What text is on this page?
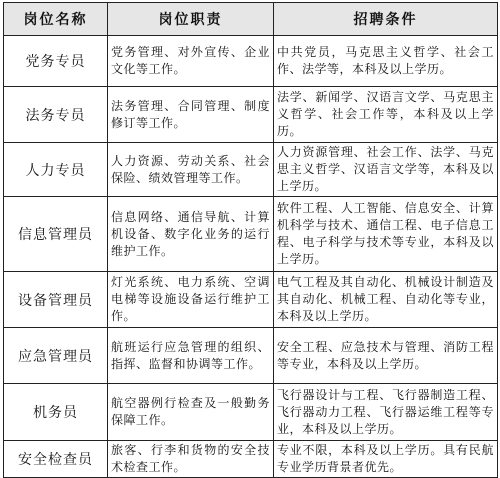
岗位名称	岗位职责	招聘条件
党务专员	党务管理、对外宣传、企业文化等工作。	中共党员，马克思主义哲学、社会工作、法学等，本科及以上学历。
法务专员	法务管理、合同管理、制度修订等工作。	法学、新闻学、汉语言文学、马克思主义哲学、社会工作等，本科及以上学历。
人力专员	人力资源、劳动关系、社会保险、绩效管理等工作。	人力资源管理、社会工作、法学、马克思主义哲学、汉语言文学等，本科及以上学历。
信息管理员	信息网络、通信导航、计算机设备、数字化业务的运行维护工作。	软件工程、人工智能、信息安全、计算机科学与技术、通信工程、电子信息工程、电子科学与技术等专业，本科及以上学历。
设备管理员	灯光系统、电力系统、空调电梯等设施设备运行维护工作。	电气工程及其自动化、机械设计制造及其自动化、机械工程、自动化等专业，本科及以上学历。
应急管理员	航班运行应急管理的组织、指挥、监督和协调等工作。	安全工程、应急技术与管理、消防工程等专业，本科及以上学历。
机务员	航空器例行检查及一般勤务保障工作。	飞行器设计与工程、飞行器制造工程、飞行器动力工程、飞行器运维工程等专业，本科及以上学历。
安全检查员	旅客、行李和货物的安全技术检查工作。	专业不限，本科及以上学历。具有民航专业学历背景者优先。
